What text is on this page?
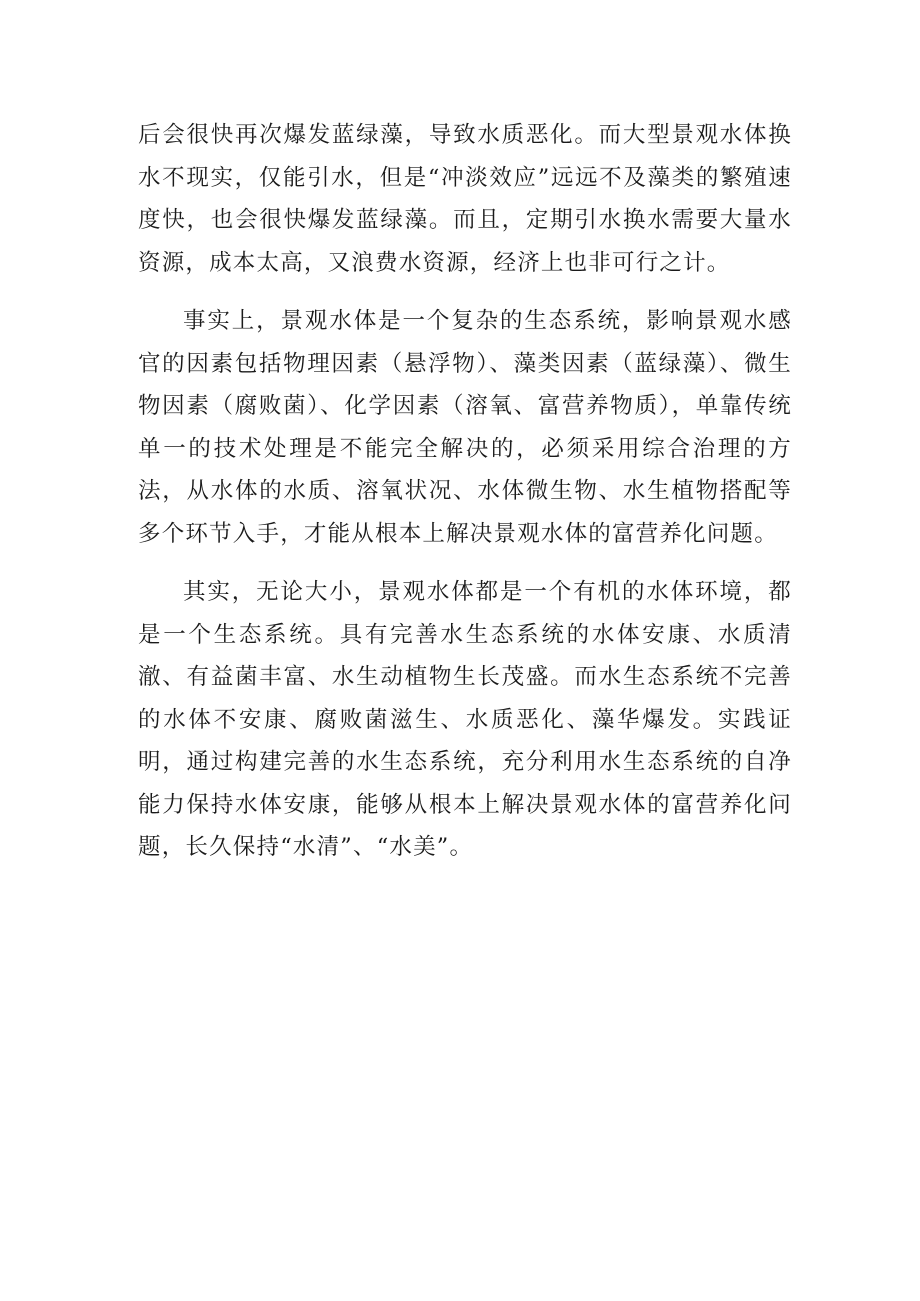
后会很快再次爆发蓝绿藻，导致水质恶化。而大型景观水体换水不现实，仅能引水，但是“冲淡效应”远远不及藻类的繁殖速度快，也会很快爆发蓝绿藻。而且，定期引水换水需要大量水资源，成本太高，又浪费水资源，经济上也非可行之计。

事实上，景观水体是一个复杂的生态系统，影响景观水感官的因素包括物理因素（悬浮物）、藻类因素（蓝绿藻）、微生物因素（腐败菌）、化学因素（溶氧、富营养物质），单靠传统单一的技术处理是不能完全解决的，必须采用综合治理的方法，从水体的水质、溶氧状况、水体微生物、水生植物搭配等多个环节入手，才能从根本上解决景观水体的富营养化问题。

其实，无论大小，景观水体都是一个有机的水体环境，都是一个生态系统。具有完善水生态系统的水体安康、水质清澈、有益菌丰富、水生动植物生长茂盛。而水生态系统不完善的水体不安康、腐败菌滋生、水质恶化、藻华爆发。实践证明，通过构建完善的水生态系统，充分利用水生态系统的自净能力保持水体安康，能够从根本上解决景观水体的富营养化问题，长久保持“水清”、“水美”。
